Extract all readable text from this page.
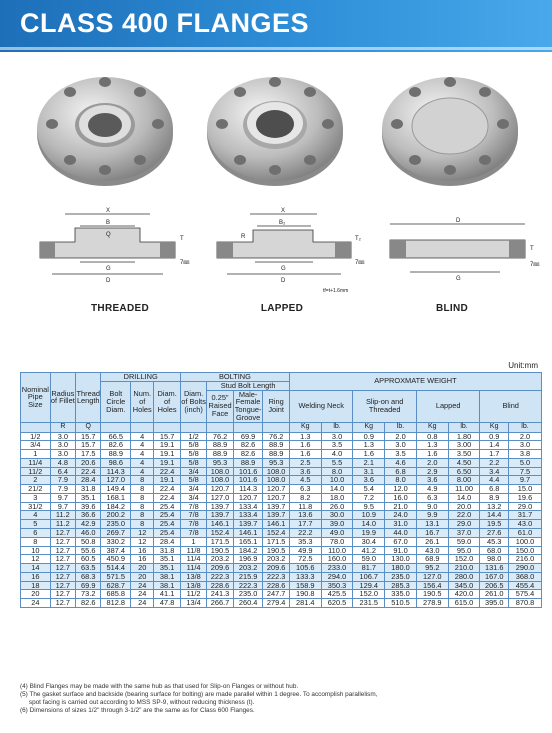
CLASS 400 FLANGES
X
B
Q
G
D
T
7㎜
X
B₂
R
G
D
T₂
7㎜
tf=t+1.6mm
D
G
T
7㎜
THREADED	LAPPED	BLIND
Unit:mm
Nominal Pipe Size	Radius of Fillet	Thread Length	DRILLING			BOLTING				APPROXMATE WEIGHT							
			Bolt Circle Diam.	Num. of Holes	Diam. of Holes	Diam. of Bolts (inch)	Stud Bolt Length										
							0.25" Raised Face	Male-Female Tongue-Groove	Ring Joint	Welding Neck		Slip-on and Threaded		Lapped		Blind	
	R	Q								Kg	lb.	Kg	lb.	Kg	lb.	Kg	lb.
1/2	3.0	15.7	66.5	4	15.7	1/2	76.2	69.9	76.2	1.3	3.0	0.9	2.0	0.8	1.80	0.9	2.0
3/4	3.0	15.7	82.6	4	19.1	5/8	88.9	82.6	88.9	1.6	3.5	1.3	3.0	1.3	3.00	1.4	3.0
1	3.0	17.5	88.9	4	19.1	5/8	88.9	82.6	88.9	1.6	4.0	1.6	3.5	1.6	3.50	1.7	3.8
11/4	4.8	20.6	98.6	4	19.1	5/8	95.3	88.9	95.3	2.5	5.5	2.1	4.6	2.0	4.50	2.2	5.0
11/2	6.4	22.4	114.3	4	22.4	3/4	108.0	101.6	108.0	3.6	8.0	3.1	6.8	2.9	6.50	3.4	7.5
2	7.9	28.4	127.0	8	19.1	5/8	108.0	101.6	108.0	4.5	10.0	3.6	8.0	3.6	8.00	4.4	9.7
21/2	7.9	31.8	149.4	8	22.4	3/4	120.7	114.3	120.7	6.3	14.0	5.4	12.0	4.9	11.00	6.8	15.0
3	9.7	35.1	168.1	8	22.4	3/4	127.0	120.7	120.7	8.2	18.0	7.2	16.0	6.3	14.0	8.9	19.6
31/2	9.7	39.6	184.2	8	25.4	7/8	139.7	133.4	139.7	11.8	26.0	9.5	21.0	9.0	20.0	13.2	29.0
4	11.2	36.6	200.2	8	25.4	7/8	139.7	133.4	139.7	13.6	30.0	10.9	24.0	9.9	22.0	14.4	31.7
5	11.2	42.9	235.0	8	25.4	7/8	146.1	139.7	146.1	17.7	39.0	14.0	31.0	13.1	29.0	19.5	43.0
6	12.7	46.0	269.7	12	25.4	7/8	152.4	146.1	152.4	22.2	49.0	19.9	44.0	16.7	37.0	27.6	61.0
8	12.7	50.8	330.2	12	28.4	1	171.5	165.1	171.5	35.3	78.0	30.4	67.0	26.1	59.0	45.3	100.0
10	12.7	55.6	387.4	16	31.8	11/8	190.5	184.2	190.5	49.9	110.0	41.2	91.0	43.0	95.0	68.0	150.0
12	12.7	60.5	450.9	16	35.1	11/4	203.2	196.9	203.2	72.5	160.0	59.0	130.0	68.9	152.0	98.0	216.0
14	12.7	63.5	514.4	20	35.1	11/4	209.6	203.2	209.6	105.6	233.0	81.7	180.0	95.2	210.0	131.6	290.0
16	12.7	68.3	571.5	20	38.1	13/8	222.3	215.9	222.3	133.3	294.0	106.7	235.0	127.0	280.0	167.0	368.0
18	12.7	69.9	628.7	24	38.1	13/8	228.6	222.3	228.6	158.9	350.3	129.4	285.3	156.4	345.0	206.5	455.4
20	12.7	73.2	685.8	24	41.1	11/2	241.3	235.0	247.7	190.8	425.5	152.0	335.0	190.5	420.0	261.0	575.4
24	12.7	82.6	812.8	24	47.8	13/4	266.7	260.4	279.4	281.4	620.5	231.5	510.5	278.9	615.0	395.0	870.8
(4) Blind Flanges may be made with the same hub as that used for Slip-on Flanges or without hub.
(5) The gasket surface and backside (bearing surface for bolting) are made parallel within 1 degree. To accomplish parallelism,
spot facing is carried out according to MSS SP-9, without reducing thickness (t).
(6) Dimensions of sizes 1/2" through 3-1/2" are the same as for Class 600 Flanges.
